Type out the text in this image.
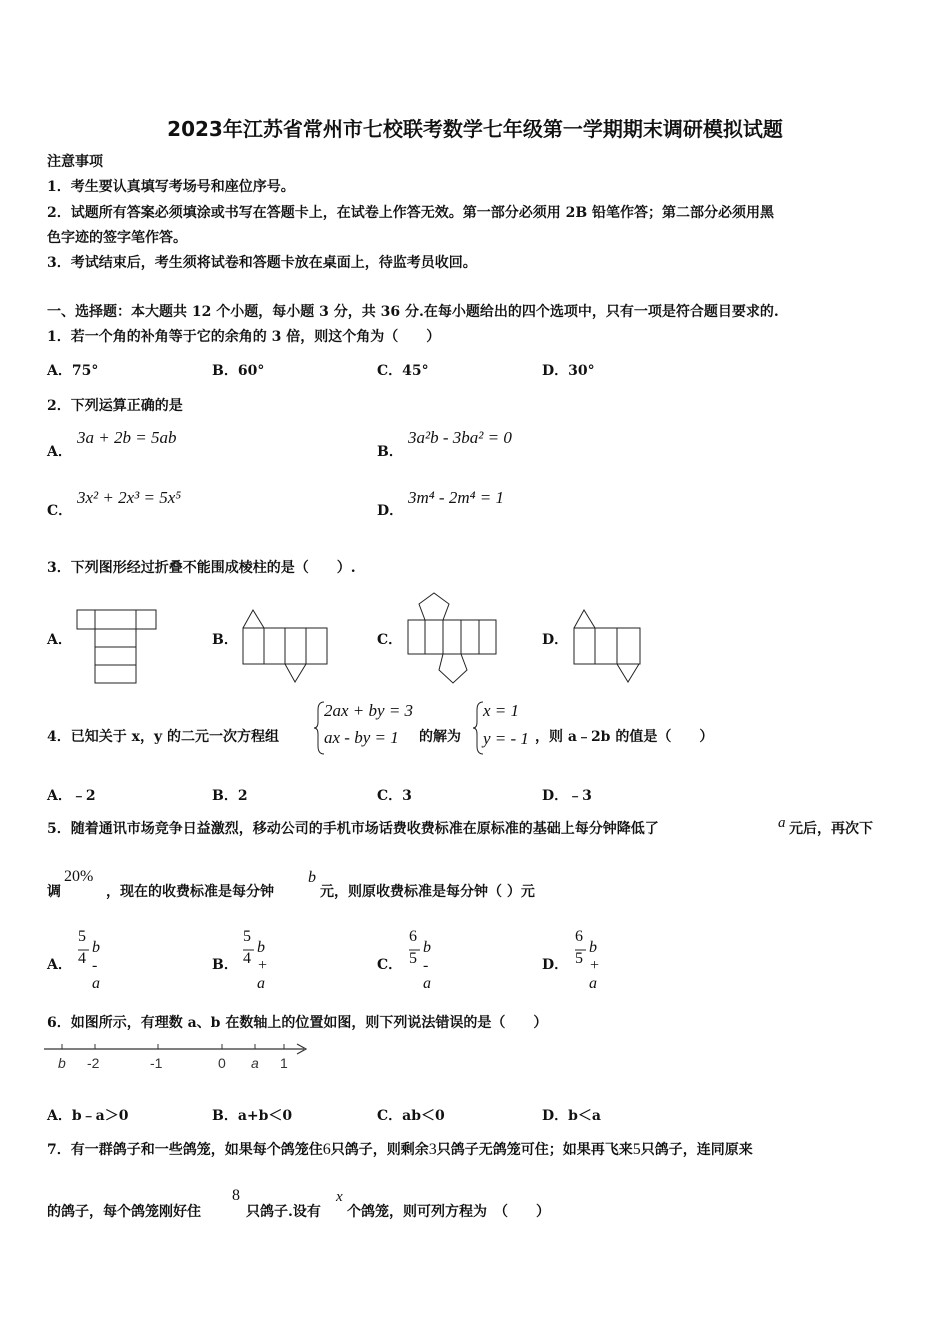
2023年江苏省常州市七校联考数学七年级第一学期期末调研模拟试题
注意事项
1．考生要认真填写考场号和座位序号。
2．试题所有答案必须填涂或书写在答题卡上，在试卷上作答无效。第一部分必须用 2B 铅笔作答；第二部分必须用黑
色字迹的签字笔作答。
3．考试结束后，考生须将试卷和答题卡放在桌面上，待监考员收回。
一、选择题：本大题共 12 个小题，每小题 3 分，共 36 分.在每小题给出的四个选项中，只有一项是符合题目要求的.
1．若一个角的补角等于它的余角的 3 倍，则这个角为（　　）
A．75°	B．60°	C．45°	D．30°
2．下列运算正确的是
A．
3a + 2b = 5ab
B．
3a²b - 3ba² = 0
C．
3x² + 2x³ = 5x⁵
D．
3m⁴ - 2m⁴ = 1
3．下列图形经过折叠不能围成棱柱的是（　　）.
A．	B．	C．	D．
4．已知关于 x，y 的二元一次方程组
2ax + by = 3
ax - by = 1 的解为
x = 1
y = - 1 ，则 a﹣2b 的值是（　　）
A．﹣2	B．2	C．3	D．﹣3
5．随着通讯市场竞争日益激烈，移动公司的手机市场话费收费标准在原标准的基础上每分钟降低了	a 元后，再次下
调
20%
，现在的收费标准是每分钟
b
元，则原收费标准是每分钟（ ）元
A．
5
4
b - a
B．
5
4
b + a
C．
6
5
b - a
D．
6
5
b + a
6．如图所示，有理数 a、b 在数轴上的位置如图，则下列说法错误的是（　　）
b -2	-1	0 a 1
A．b﹣a＞0	B．a+b＜0	C．ab＜0	D．b＜a
7．有一群鸽子和一些鸽笼，如果每个鸽笼住6只鸽子，则剩余3只鸽子无鸽笼可住；如果再飞来5只鸽子，连同原来
的鸽子，每个鸽笼刚好住
8
只鸽子.设有
x
个鸽笼，则可列方程为　（　　）
